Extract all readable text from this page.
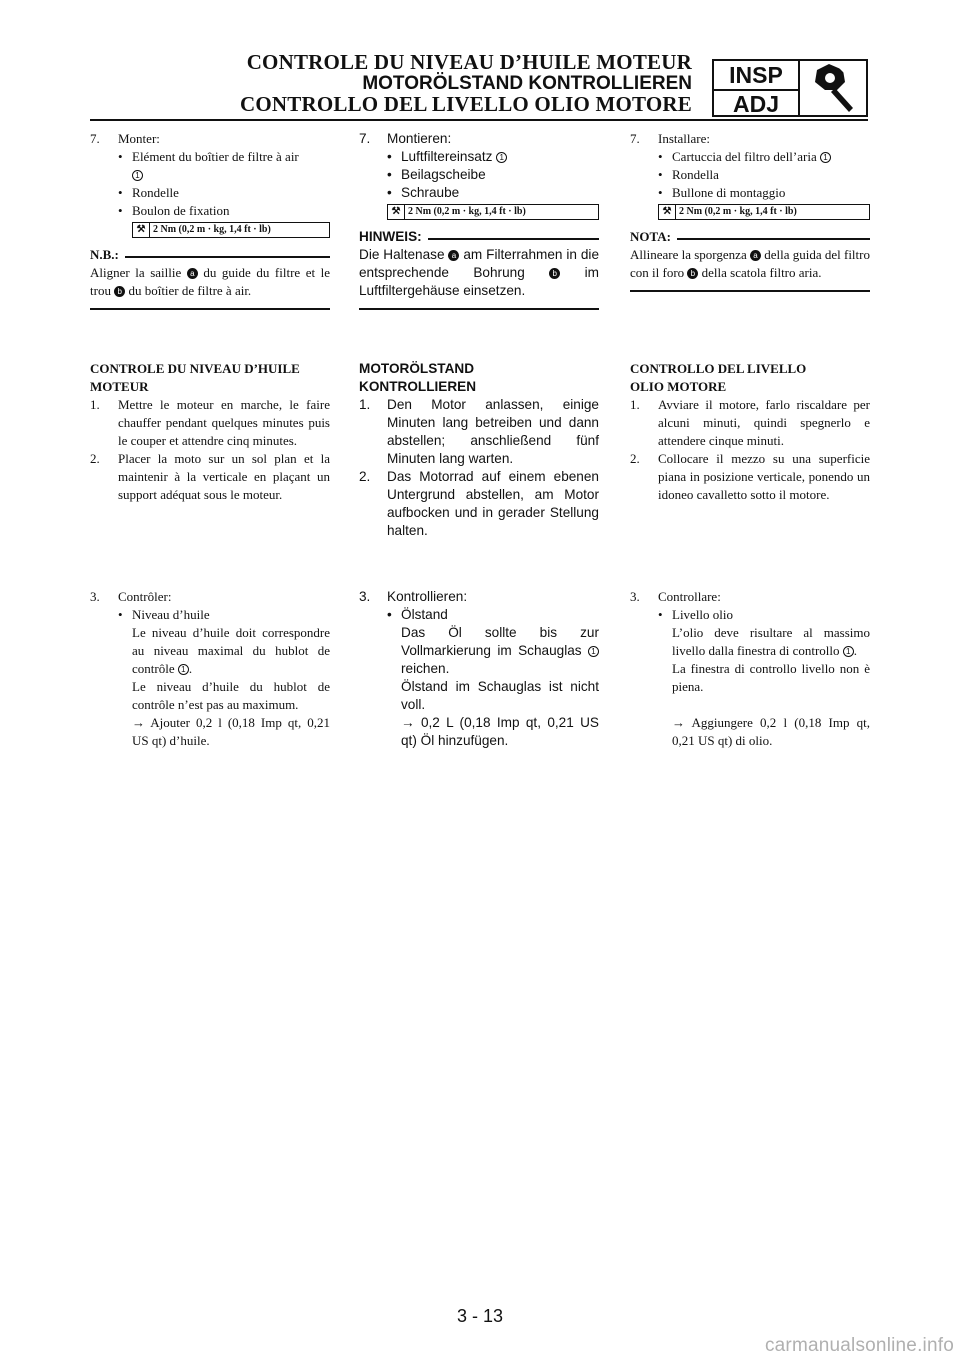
CONTROLE DU NIVEAU D’HUILE MOTEUR
MOTORÖLSTAND KONTROLLIEREN
CONTROLLO DEL LIVELLO OLIO MOTORE
INSP
ADJ
7.	Monter:
• Elément du boîtier de filtre à air
1
• Rondelle
• Boulon de fixation
⚒ 2 Nm (0,2 m · kg, 1,4 ft · lb)
N.B.:

Aligner la saillie a du guide du filtre et le trou b du boîtier de filtre à air.

CONTROLE DU NIVEAU D’HUILE MOTEUR

1.	Mettre le moteur en marche, le faire chauffer pendant quelques minutes puis le couper et attendre cinq minutes.
2.	Placer la moto sur un sol plan et la maintenir à la verticale en plaçant un support adéquat sous le moteur.
3.	Contrôler:
• Niveau d’huile
Le niveau d’huile doit correspondre au niveau maximal du hublot de contrôle 1 .
Le niveau d’huile du hublot de contrôle n’est pas au maximum.
→ Ajouter 0,2 l (0,18 Imp qt, 0,21 US qt) d’huile.
7.	Montieren:
• Luftfiltereinsatz 1
• Beilagscheibe
• Schraube
⚒ 2 Nm (0,2 m · kg, 1,4 ft · lb)
HINWEIS:

Die Haltenase a am Filterrahmen in die entsprechende Bohrung	b im Luftfiltergehäuse einsetzen.

MOTORÖLSTAND KONTROLLIEREN

1.	Den Motor anlassen, einige Minuten lang betreiben und dann abstellen; anschließend fünf Minuten lang warten.
2.	Das Motorrad auf einem ebenen Untergrund abstellen, am Motor aufbocken und in gerader Stellung halten.
3.	Kontrollieren:
• Ölstand
Das Öl sollte bis zur Vollmarkierung im Schauglas 1 reichen.
Ölstand im Schauglas ist nicht voll.
→ 0,2 L (0,18 Imp qt, 0,21 US qt) Öl hinzufügen.
7.	Installare:
• Cartuccia del filtro dell’aria 1
• Rondella
• Bullone di montaggio
⚒ 2 Nm (0,2 m · kg, 1,4 ft · lb)
NOTA:

Allineare la sporgenza a della guida del filtro con il foro b della scatola filtro aria.

CONTROLLO DEL LIVELLO OLIO MOTORE

1.	Avviare il motore, farlo riscaldare per alcuni minuti, quindi spegnerlo e attendere cinque minuti.
2.	Collocare il mezzo su una superficie piana in posizione verticale, ponendo un idoneo cavalletto sotto il motore.
3.	Controllare:
• Livello olio
L’olio deve risultare al massimo livello dalla finestra di controllo 1 .
La finestra di controllo livello non è piena.
→ Aggiungere 0,2 l (0,18 Imp qt, 0,21 US qt) di olio.
3 - 13
carmanualsonline.info
